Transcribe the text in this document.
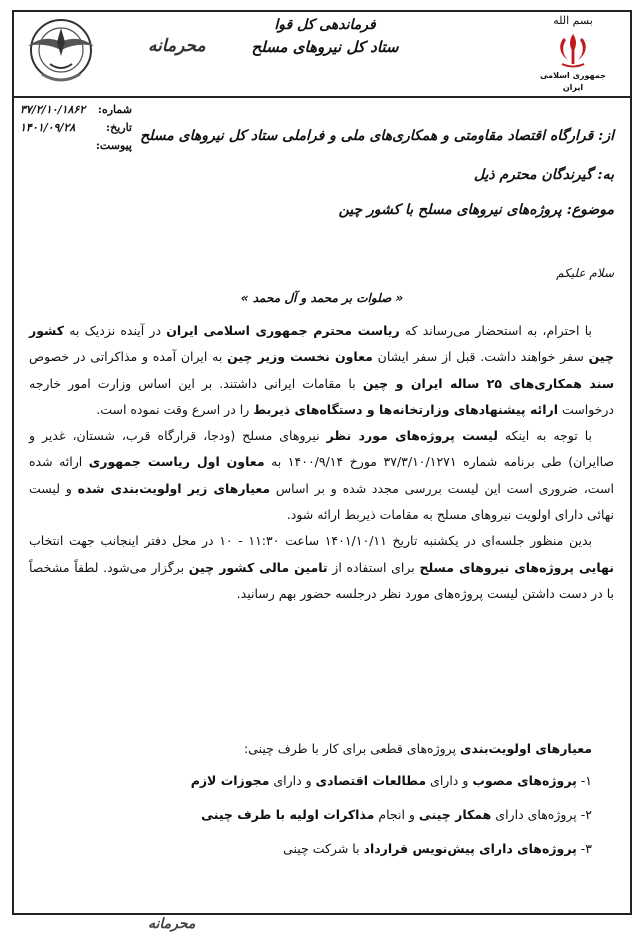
بسم الله
جمهوری اسلامی ایران
فرماندهی کل قوا
ستاد کل نیروهای مسلح
محرمانه
شماره:
۳۷/۲/۱۰/۱۸۶۲
تاریخ:
۱۴۰۱/۰۹/۲۸
پیوست:
از: قرارگاه اقتصاد مقاومتی و همکاری‌های ملی و فراملی ستاد کل نیروهای مسلح
به: گیرندگان محترم ذیل
موضوع: پروژه‌های نیروهای مسلح با کشور چین
سلام علیکم
« صلوات بر محمد و آل محمد »

با احترام، به استحضار می‌رساند که ریاست محترم جمهوری اسلامی ایران در آینده نزدیک به کشور چین سفر خواهند داشت. قبل از سفر ایشان معاون نخست وزیر چین به ایران آمده و مذاکراتی در خصوص سند همکاری‌های ۲۵ ساله ایران و چین با مقامات ایرانی داشتند. بر این اساس وزارت امور خارجه درخواست ارائه پیشنهادهای وزارتخانه‌ها و دستگاه‌های ذیربط را در اسرع وقت نموده است.

با توجه به اینکه لیست پروژه‌های مورد نظر نیروهای مسلح (ودجا، قرارگاه قرب، شستان، غدیر و صاایران) طی برنامه شماره ۳۷/۳/۱۰/۱۲۷۱ مورخ ۱۴۰۰/۹/۱۴ به معاون اول ریاست جمهوری ارائه شده است، ضروری است این لیست بررسی مجدد شده و بر اساس معیارهای زیر اولویت‌بندی شده و لیست نهائی دارای اولویت نیروهای مسلح به مقامات ذیربط ارائه شود.

بدین منظور جلسه‌ای در یکشنبه تاریخ ۱۴۰۱/۱۰/۱۱ ساعت ۱۱:۳۰ - ۱۰ در محل دفتر اینجانب جهت انتخاب نهایی پروژه‌های نیروهای مسلح برای استفاده از تامین مالی کشور چین برگزار می‌شود. لطفاً مشخصاً با در دست داشتن لیست پروژه‌های مورد نظر درجلسه حضور بهم رسانید.

معیارهای اولویت‌بندی پروژه‌های قطعی برای کار با طرف چینی:

۱- پروژه‌های مصوب و دارای مطالعات اقتصادی و دارای مجوزات لازم
۲- پروژه‌های دارای همکار چینی و انجام مذاکرات اولیه با طرف چینی
۳- پروژه‌های دارای پیش‌نویس قرارداد با شرکت چینی
محرمانه
